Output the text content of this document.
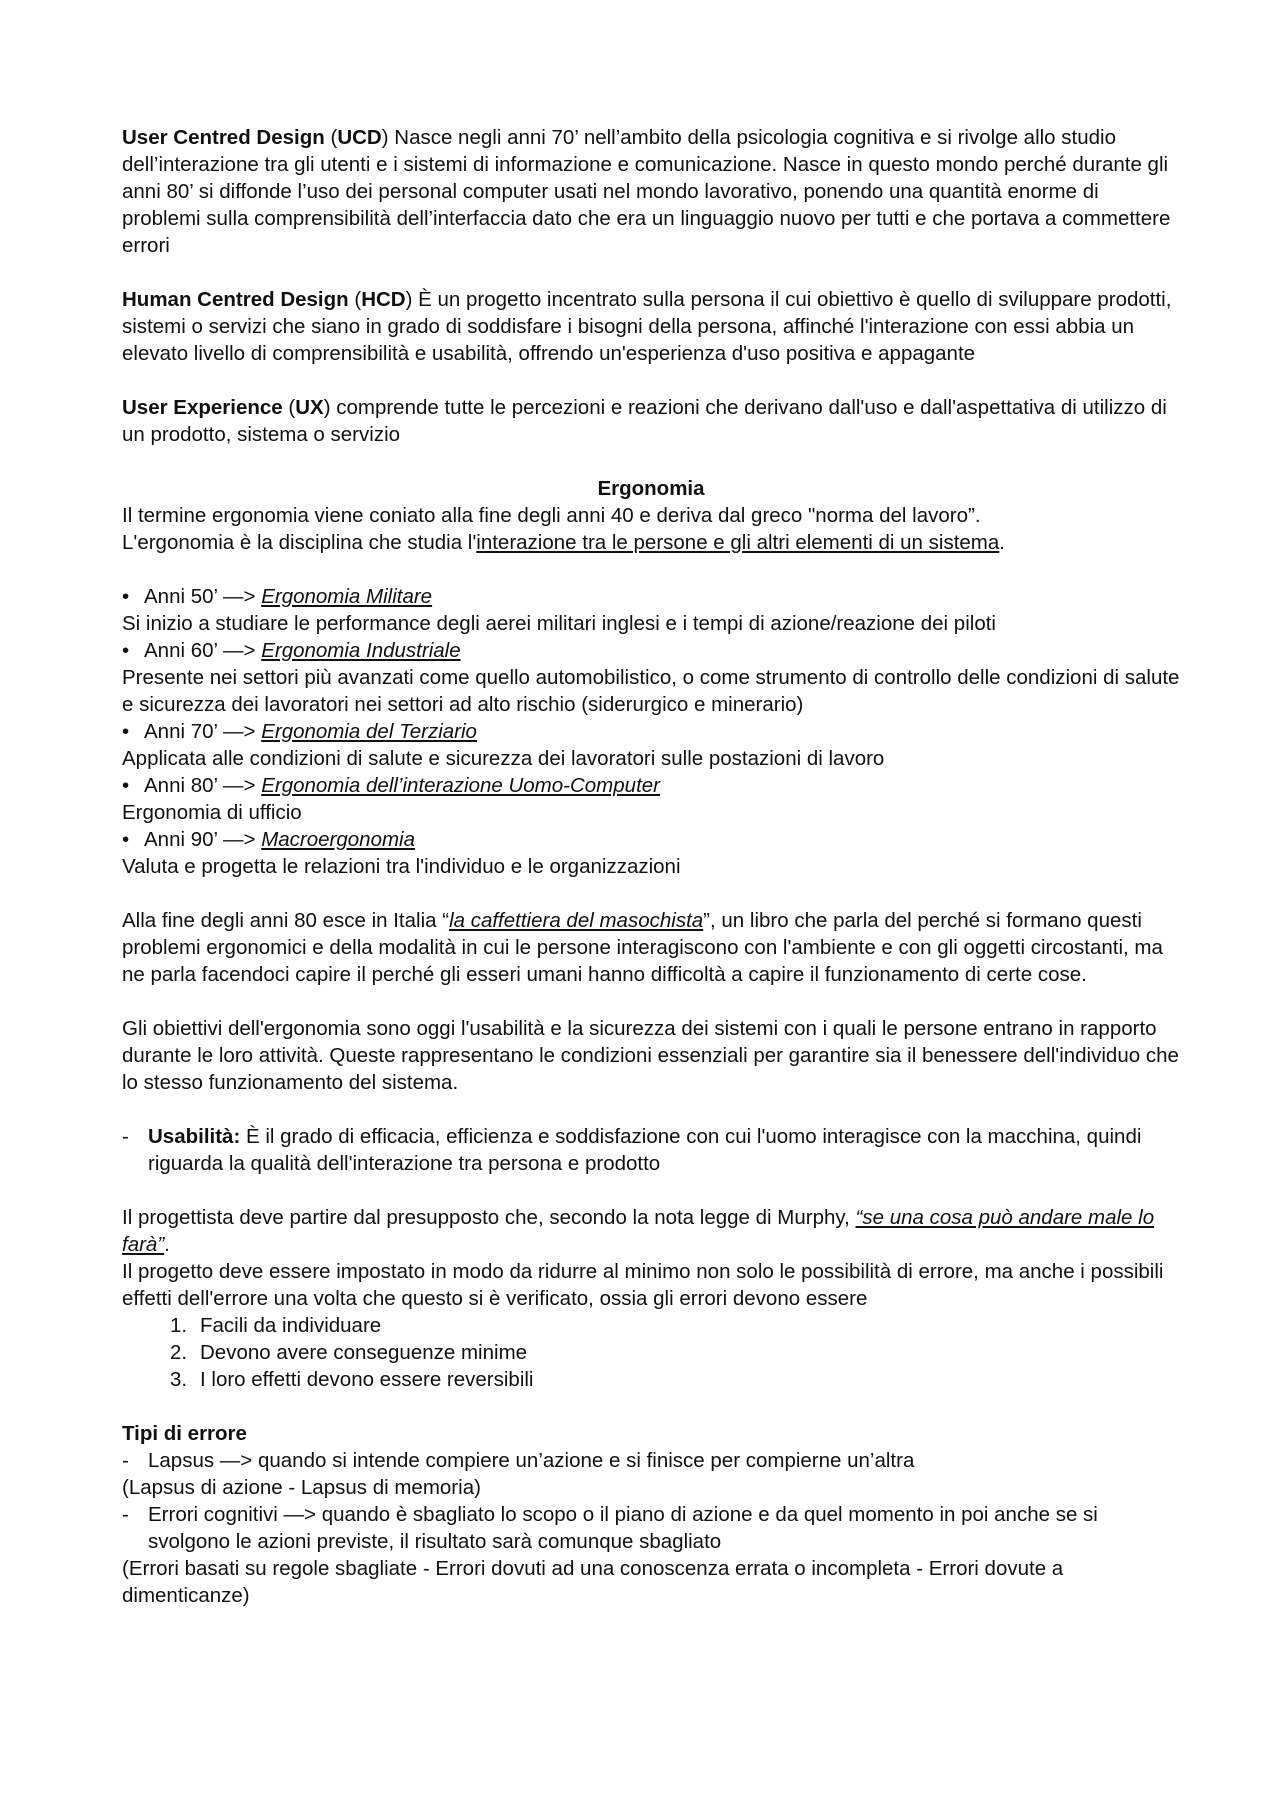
User Centred Design (UCD) Nasce negli anni 70’ nell’ambito della psicologia cognitiva e si rivolge allo studio dell’interazione tra gli utenti e i sistemi di informazione e comunicazione. Nasce in questo mondo perché durante gli anni 80’ si diffonde l’uso dei personal computer usati nel mondo lavorativo, ponendo una quantità enorme di problemi sulla comprensibilità dell’interfaccia dato che era un linguaggio nuovo per tutti e che portava a commettere errori

Human Centred Design (HCD) È un progetto incentrato sulla persona il cui obiettivo è quello di sviluppare prodotti, sistemi o servizi che siano in grado di soddisfare i bisogni della persona, affinché l'interazione con essi abbia un elevato livello di comprensibilità e usabilità, offrendo un'esperienza d'uso positiva e appagante

User Experience (UX) comprende tutte le percezioni e reazioni che derivano dall'uso e dall'aspettativa di utilizzo di un prodotto, sistema o servizio

Ergonomia

Il termine ergonomia viene coniato alla fine degli anni 40 e deriva dal greco "norma del lavoro”.

L'ergonomia è la disciplina che studia l'interazione tra le persone e gli altri elementi di un sistema.

• Anni 50’ —> Ergonomia Militare

Si inizio a studiare le performance degli aerei militari inglesi e i tempi di azione/reazione dei piloti

• Anni 60’ —> Ergonomia Industriale

Presente nei settori più avanzati come quello automobilistico, o come strumento di controllo delle condizioni di salute e sicurezza dei lavoratori nei settori ad alto rischio (siderurgico e minerario)

• Anni 70’ —> Ergonomia del Terziario

Applicata alle condizioni di salute e sicurezza dei lavoratori sulle postazioni di lavoro

• Anni 80’ —> Ergonomia dell’interazione Uomo-Computer

Ergonomia di ufficio

• Anni 90’ —> Macroergonomia

Valuta e progetta le relazioni tra l'individuo e le organizzazioni

Alla fine degli anni 80 esce in Italia “la caffettiera del masochista”, un libro che parla del perché si formano questi problemi ergonomici e della modalità in cui le persone interagiscono con l'ambiente e con gli oggetti circostanti, ma ne parla facendoci capire il perché gli esseri umani hanno difficoltà a capire il funzionamento di certe cose.

Gli obiettivi dell'ergonomia sono oggi l'usabilità e la sicurezza dei sistemi con i quali le persone entrano in rapporto durante le loro attività. Queste rappresentano le condizioni essenziali per garantire sia il benessere dell'individuo che lo stesso funzionamento del sistema.

- Usabilità: È il grado di efficacia, efficienza e soddisfazione con cui l'uomo interagisce con la macchina, quindi riguarda la qualità dell'interazione tra persona e prodotto

Il progettista deve partire dal presupposto che, secondo la nota legge di Murphy, “se una cosa può andare male lo farà”.

Il progetto deve essere impostato in modo da ridurre al minimo non solo le possibilità di errore, ma anche i possibili effetti dell'errore una volta che questo si è verificato, ossia gli errori devono essere

1. Facili da individuare
2. Devono avere conseguenze minime
3. I loro effetti devono essere reversibili

Tipi di errore

- Lapsus —> quando si intende compiere un’azione e si finisce per compierne un’altra

(Lapsus di azione - Lapsus di memoria)

- Errori cognitivi —> quando è sbagliato lo scopo o il piano di azione e da quel momento in poi anche se si svolgono le azioni previste, il risultato sarà comunque sbagliato

(Errori basati su regole sbagliate - Errori dovuti ad una conoscenza errata o incompleta - Errori dovute a dimenticanze)
